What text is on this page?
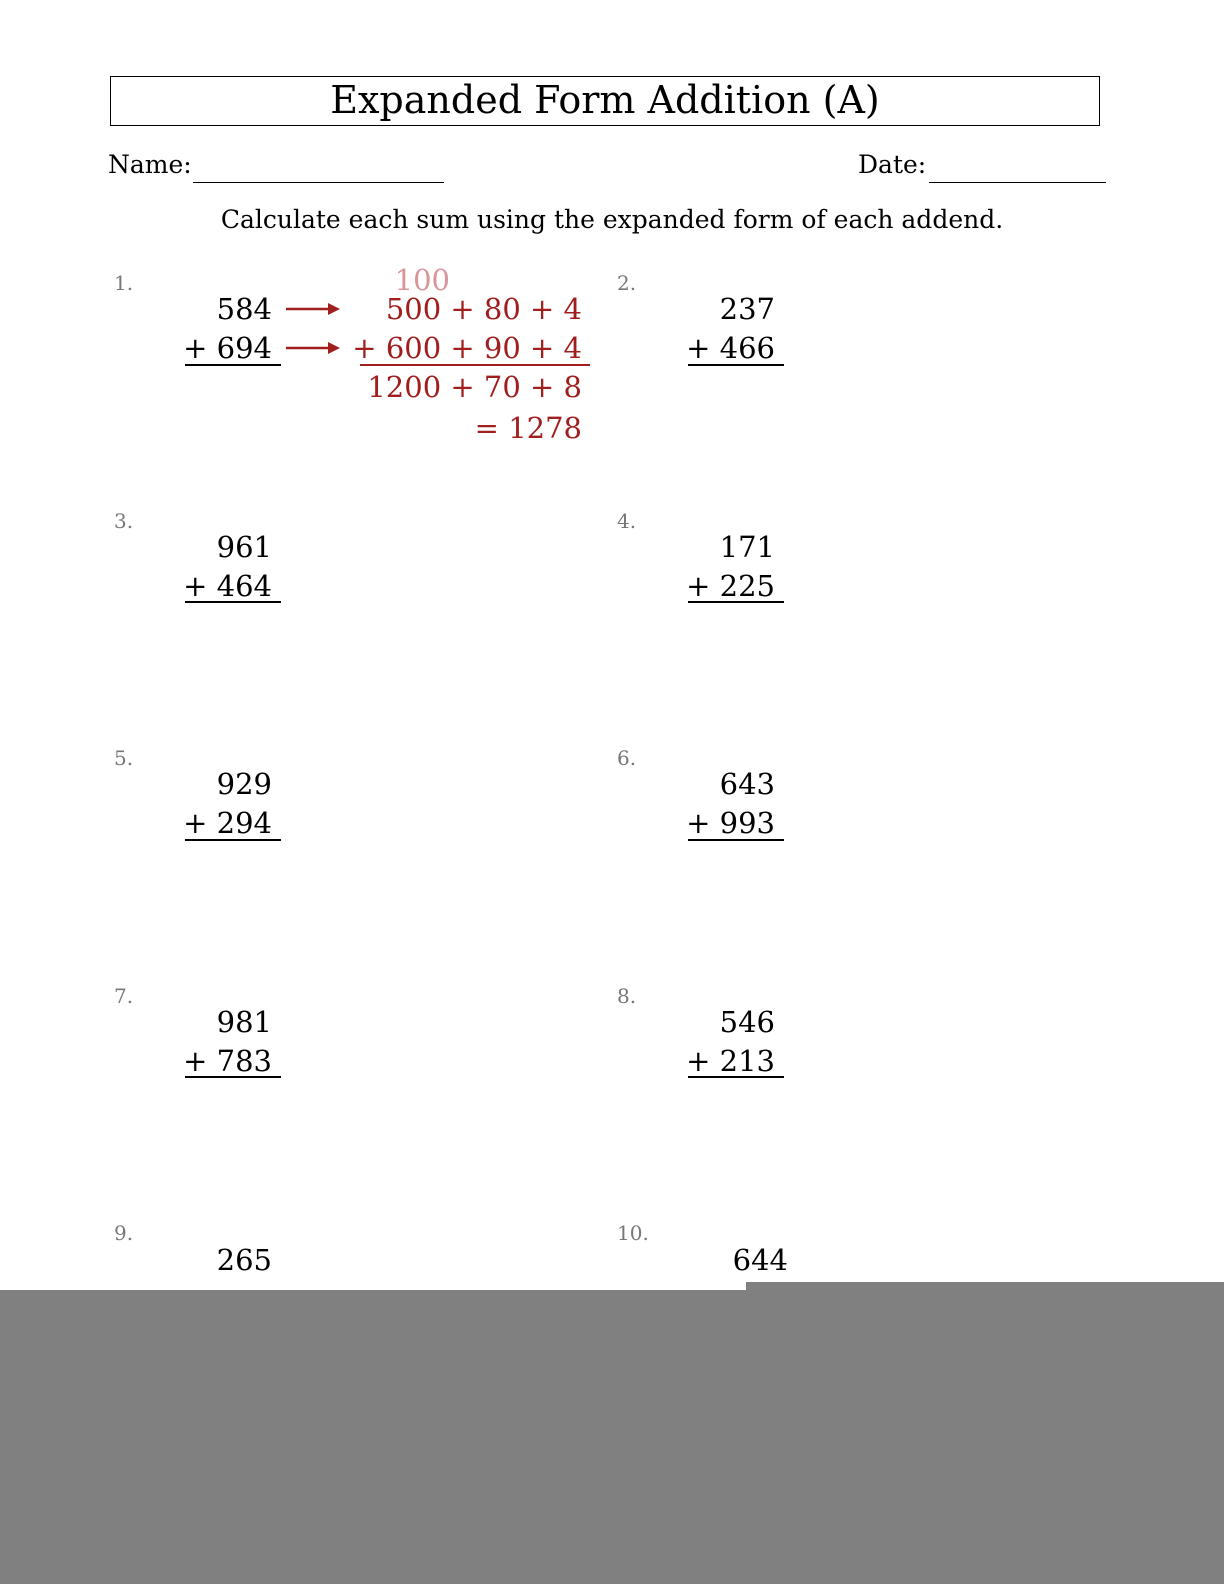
Expanded Form Addition (A)
Name:	Date:
Calculate each sum using the expanded form of each addend.
1.
584
+ 694
100
500 + 80 + 4
+ 600 + 90 + 4
1200 + 70 + 8
= 1278
2.
237
+ 466
3.
961
+ 464
4.
171
+ 225
5.
929
+ 294
6.
643
+ 993
7.
981
+ 783
8.
546
+ 213
9.
265
10.
644
